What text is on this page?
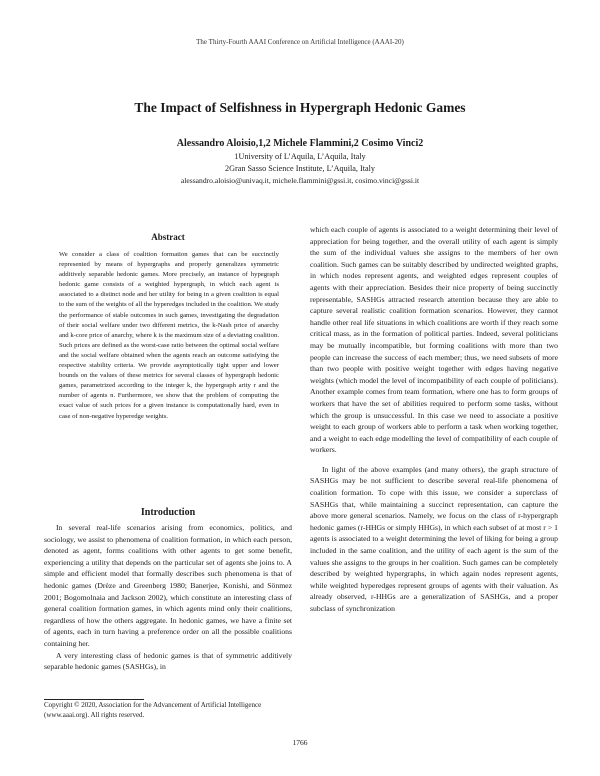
The Thirty-Fourth AAAI Conference on Artificial Intelligence (AAAI-20)
The Impact of Selfishness in Hypergraph Hedonic Games
Alessandro Aloisio,1,2 Michele Flammini,2 Cosimo Vinci2
1University of L’Aquila, L’Aquila, Italy
2Gran Sasso Science Institute, L’Aquila, Italy
alessandro.aloisio@univaq.it, michele.flammini@gssi.it, cosimo.vinci@gssi.it
Abstract
We consider a class of coalition formation games that can be succinctly represented by means of hypergraphs and properly generalizes symmetric additively separable hedonic games. More precisely, an instance of hypegraph hedonic game consists of a weighted hypergraph, in which each agent is associated to a distinct node and her utility for being in a given coalition is equal to the sum of the weights of all the hyperedges included in the coalition. We study the performance of stable outcomes in such games, investigating the degradation of their social welfare under two different metrics, the k-Nash price of anarchy and k-core price of anarchy, where k is the maximum size of a deviating coalition. Such prices are defined as the worst-case ratio between the optimal social welfare and the social welfare obtained when the agents reach an outcome satisfying the respective stability criteria. We provide asymptotically tight upper and lower bounds on the values of these metrics for several classes of hypergraph hedonic games, parametrized according to the integer k, the hypergraph arity r and the number of agents n. Furthermore, we show that the problem of computing the exact value of such prices for a given instance is computationally hard, even in case of non-negative hyperedge weights.
Introduction

In several real-life scenarios arising from economics, politics, and sociology, we assist to phenomena of coalition formation, in which each person, denoted as agent, forms coalitions with other agents to get some benefit, experiencing a utility that depends on the particular set of agents she joins to. A simple and efficient model that formally describes such phenomena is that of hedonic games (Drèze and Greenberg 1980; Banerjee, Konishi, and Sönmez 2001; Bogomolnaia and Jackson 2002), which constitute an interesting class of general coalition formation games, in which agents mind only their coalitions, regardless of how the others aggregate. In hedonic games, we have a finite set of agents, each in turn having a preference order on all the possible coalitions containing her.

A very interesting class of hedonic games is that of symmetric additively separable hedonic games (SASHGs), in

Copyright © 2020, Association for the Advancement of Artificial Intelligence (www.aaai.org). All rights reserved.

which each couple of agents is associated to a weight determining their level of appreciation for being together, and the overall utility of each agent is simply the sum of the individual values she assigns to the members of her own coalition. Such games can be suitably described by undirected weighted graphs, in which nodes represent agents, and weighted edges represent couples of agents with their appreciation. Besides their nice property of being succinctly representable, SASHGs attracted research attention because they are able to capture several realistic coalition formation scenarios. However, they cannot handle other real life situations in which coalitions are worth if they reach some critical mass, as in the formation of political parties. Indeed, several politicians may be mutually incompatible, but forming coalitions with more than two people can increase the success of each member; thus, we need subsets of more than two people with positive weight together with edges having negative weights (which model the level of incompatibility of each couple of politicians). Another example comes from team formation, where one has to form groups of workers that have the set of abilities required to perform some tasks, without which the group is unsuccessful. In this case we need to associate a positive weight to each group of workers able to perform a task when working together, and a weight to each edge modelling the level of compatibility of each couple of workers.

In light of the above examples (and many others), the graph structure of SASHGs may be not sufficient to describe several real-life phenomena of coalition formation. To cope with this issue, we consider a superclass of SASHGs that, while maintaining a succinct representation, can capture the above more general scenarios. Namely, we focus on the class of r-hypergraph hedonic games (r-HHGs or simply HHGs), in which each subset of at most r > 1 agents is associated to a weight determining the level of liking for being a group included in the same coalition, and the utility of each agent is the sum of the values she assigns to the groups in her coalition. Such games can be completely described by weighted hypergraphs, in which again nodes represent agents, while weighted hyperedges represent groups of agents with their valuation. As already observed, r-HHGs are a generalization of SASHGs, and a proper subclass of synchronization

1766
